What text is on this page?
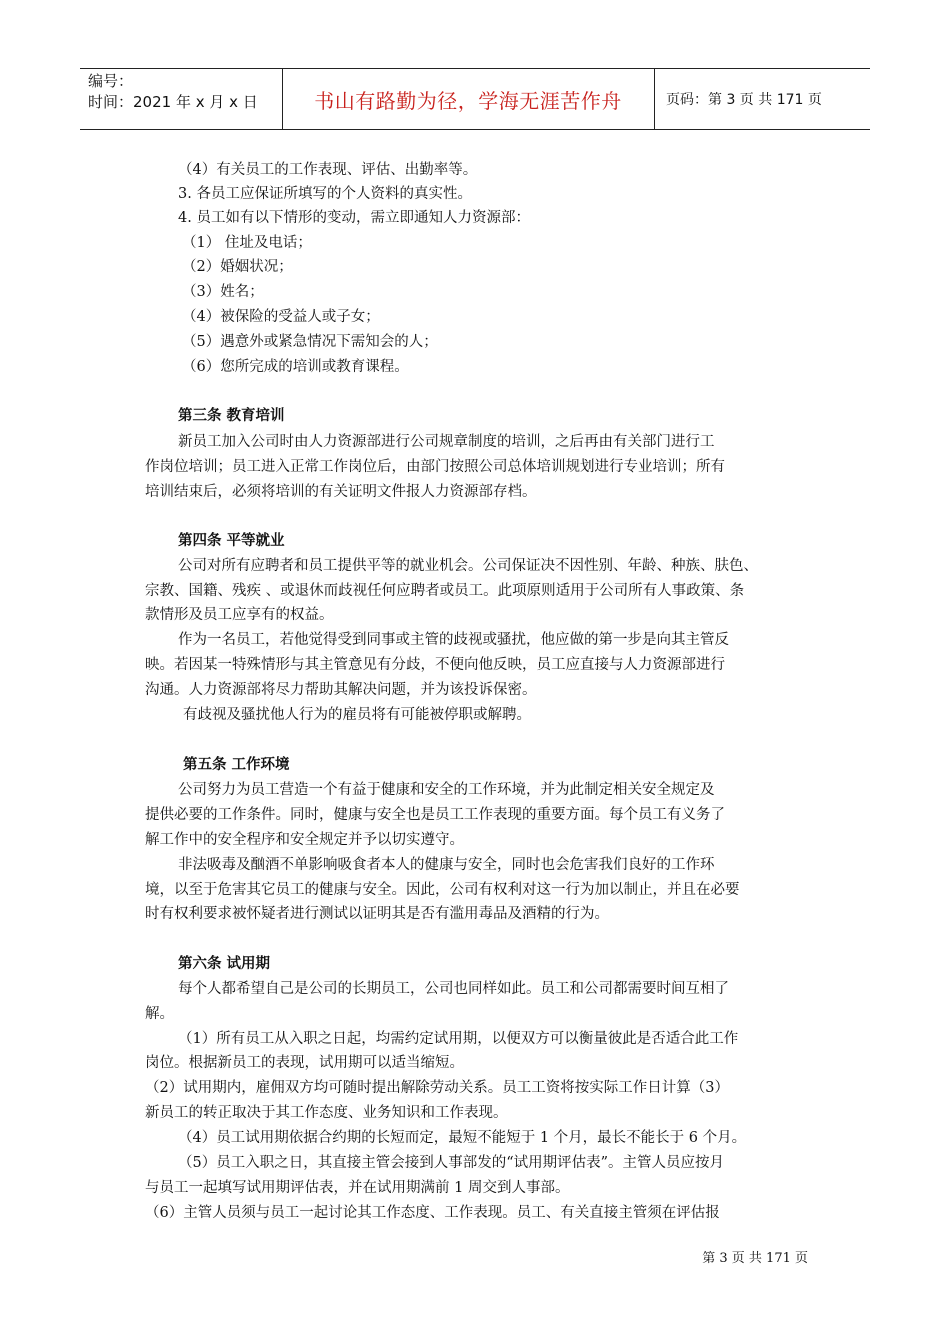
编号：
时间：2021 年 x 月 x 日	书山有路勤为径，学海无涯苦作舟	页码：第 3 页 共 171 页
（4）有关员工的工作表现、评估、出勤率等。
3. 各员工应保证所填写的个人资料的真实性。
4. 员工如有以下情形的变动，需立即通知人力资源部：
（1） 住址及电话；
（2）婚姻状况；
（3）姓名；
（4）被保险的受益人或子女；
（5）遇意外或紧急情况下需知会的人；
（6）您所完成的培训或教育课程。
第三条 教育培训
新员工加入公司时由人力资源部进行公司规章制度的培训，之后再由有关部门进行工
作岗位培训；员工进入正常工作岗位后，由部门按照公司总体培训规划进行专业培训；所有
培训结束后，必须将培训的有关证明文件报人力资源部存档。
第四条 平等就业
公司对所有应聘者和员工提供平等的就业机会。公司保证决不因性别、年龄、种族、肤色、
宗教、国籍、残疾 、或退休而歧视任何应聘者或员工。此项原则适用于公司所有人事政策、条
款情形及员工应享有的权益。
作为一名员工，若他觉得受到同事或主管的歧视或骚扰，他应做的第一步是向其主管反
映。若因某一特殊情形与其主管意见有分歧，不便向他反映，员工应直接与人力资源部进行
沟通。人力资源部将尽力帮助其解决问题，并为该投诉保密。
有歧视及骚扰他人行为的雇员将有可能被停职或解聘。
第五条 工作环境
公司努力为员工营造一个有益于健康和安全的工作环境，并为此制定相关安全规定及
提供必要的工作条件。同时，健康与安全也是员工工作表现的重要方面。每个员工有义务了
解工作中的安全程序和安全规定并予以切实遵守。
非法吸毒及酗酒不单影响吸食者本人的健康与安全，同时也会危害我们良好的工作环
境，以至于危害其它员工的健康与安全。因此，公司有权利对这一行为加以制止，并且在必要
时有权利要求被怀疑者进行测试以证明其是否有滥用毒品及酒精的行为。
第六条 试用期
每个人都希望自己是公司的长期员工，公司也同样如此。员工和公司都需要时间互相了
解。
（1）所有员工从入职之日起，均需约定试用期，以便双方可以衡量彼此是否适合此工作
岗位。根据新员工的表现，试用期可以适当缩短。
（2）试用期内，雇佣双方均可随时提出解除劳动关系。员工工资将按实际工作日计算（3）
新员工的转正取决于其工作态度、业务知识和工作表现。
（4）员工试用期依据合约期的长短而定，最短不能短于 1 个月，最长不能长于 6 个月。
（5）员工入职之日，其直接主管会接到人事部发的“试用期评估表”。主管人员应按月
与员工一起填写试用期评估表，并在试用期满前 1 周交到人事部。
（6）主管人员须与员工一起讨论其工作态度、工作表现。员工、有关直接主管须在评估报
第 3 页 共 171 页
